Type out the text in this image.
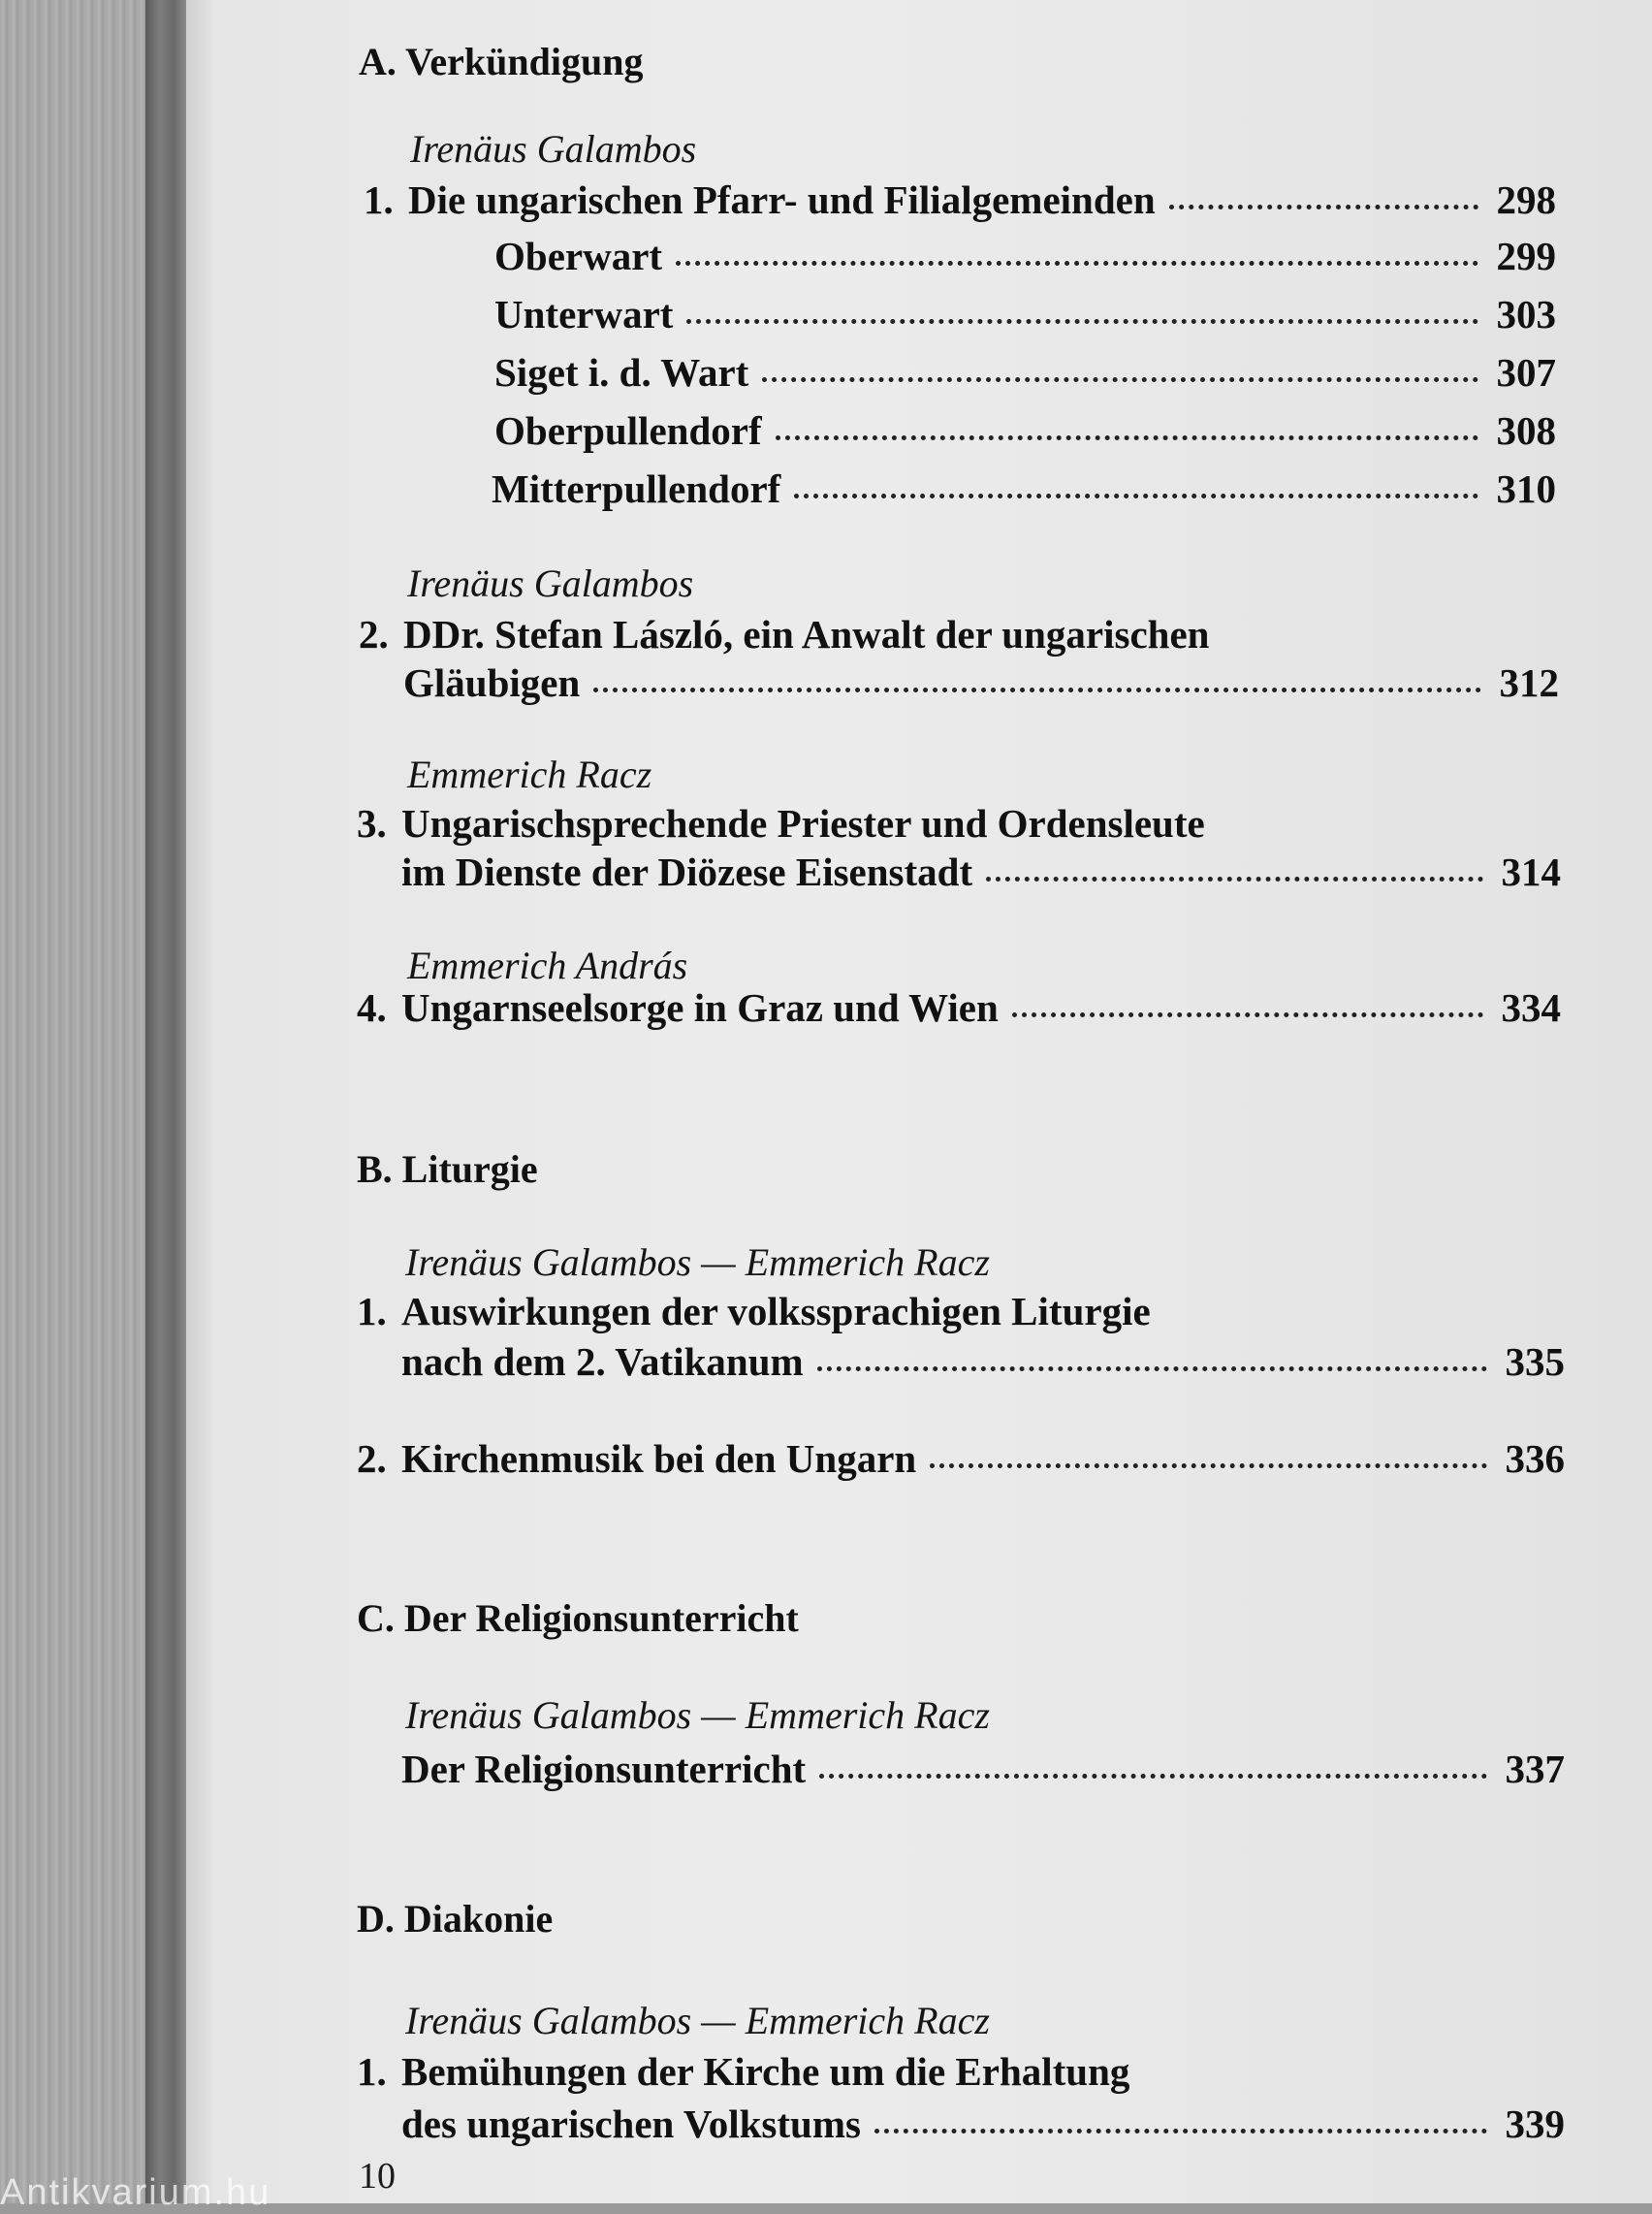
A. Verkündigung
Irenäus Galambos
1. Die ungarischen Pfarr- und Filialgemeinden	298
Oberwart	299
Unterwart	303
Siget i. d. Wart	307
Oberpullendorf	308
Mitterpullendorf	310
Irenäus Galambos
2. DDr. Stefan László, ein Anwalt der ungarischen
Gläubigen	312
Emmerich Racz
3. Ungarischsprechende Priester und Ordensleute
im Dienste der Diözese Eisenstadt	314
Emmerich András
4. Ungarnseelsorge in Graz und Wien	334
B. Liturgie
Irenäus Galambos — Emmerich Racz
1. Auswirkungen der volkssprachigen Liturgie
nach dem 2. Vatikanum	335
2. Kirchenmusik bei den Ungarn	336
C. Der Religionsunterricht
Irenäus Galambos — Emmerich Racz
Der Religionsunterricht	337
D. Diakonie
Irenäus Galambos — Emmerich Racz
1. Bemühungen der Kirche um die Erhaltung
des ungarischen Volkstums	339
10
Antikvarium.hu
